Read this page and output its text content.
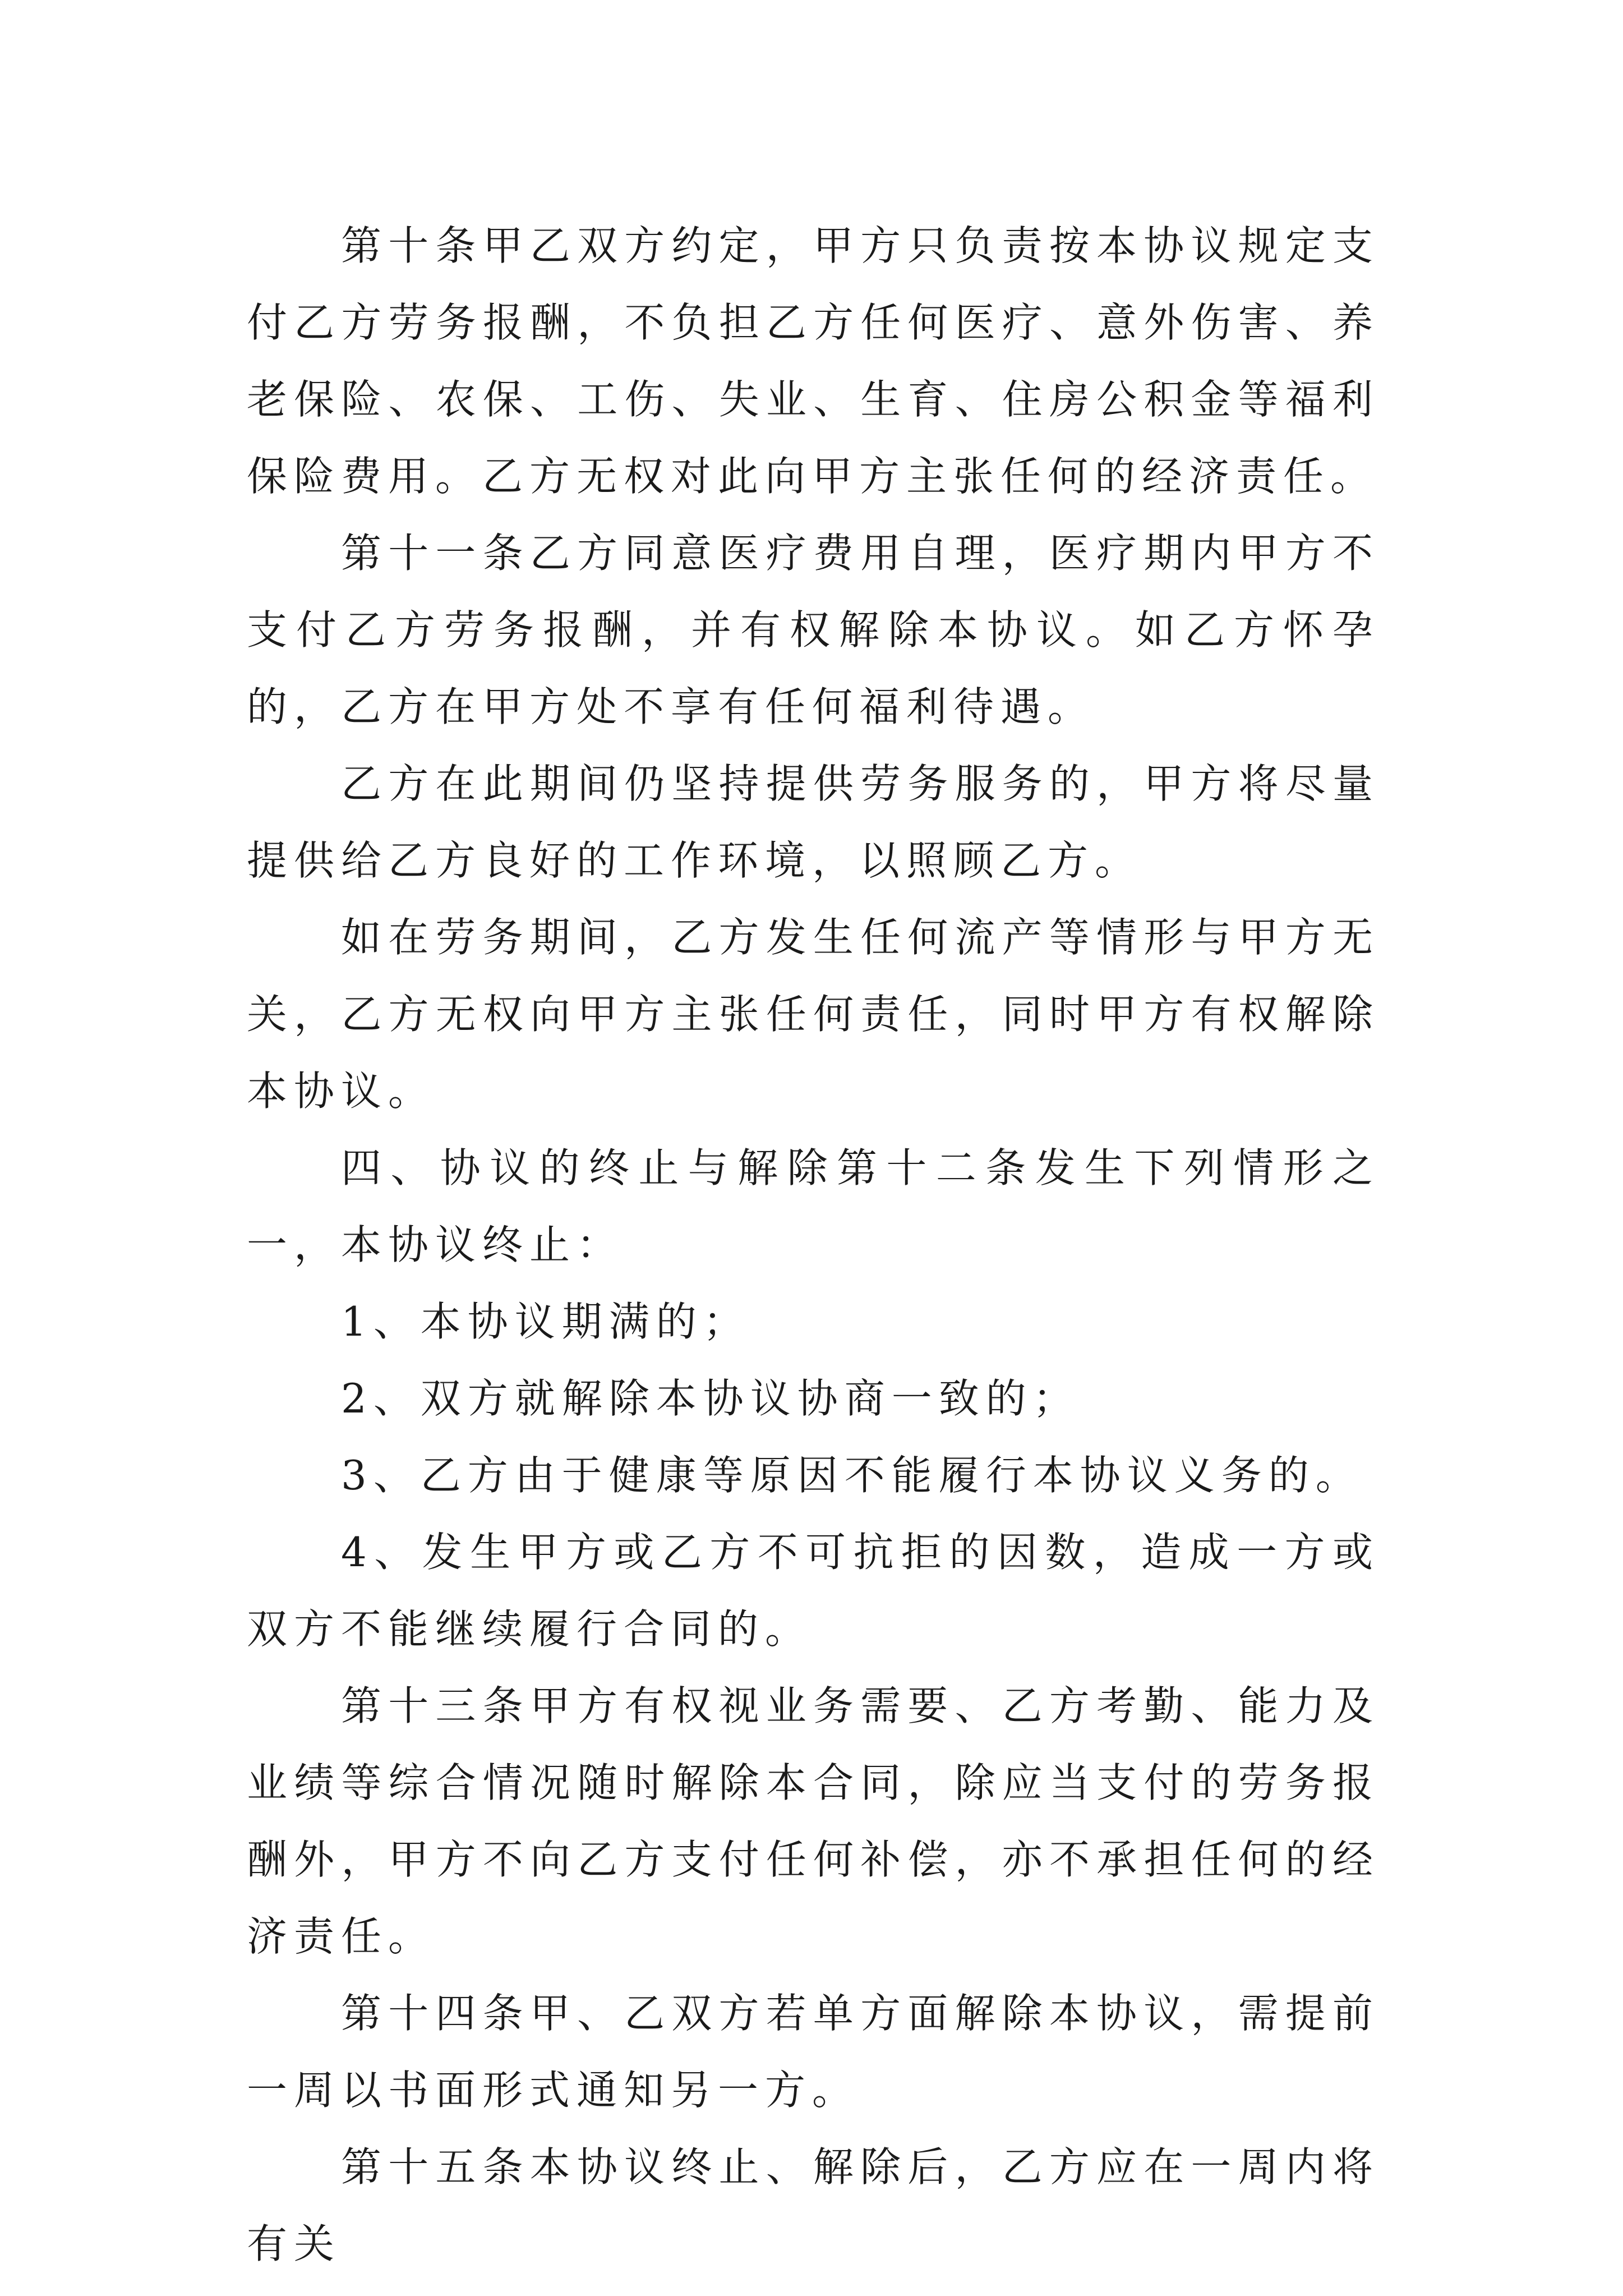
第十条甲乙双方约定，甲方只负责按本协议规定支付乙方劳务报酬，不负担乙方任何医疗、意外伤害、养老保险、农保、工伤、失业、生育、住房公积金等福利保险费用。乙方无权对此向甲方主张任何的经济责任。

第十一条乙方同意医疗费用自理，医疗期内甲方不支付乙方劳务报酬，并有权解除本协议。如乙方怀孕的，乙方在甲方处不享有任何福利待遇。

乙方在此期间仍坚持提供劳务服务的，甲方将尽量提供给乙方良好的工作环境，以照顾乙方。

如在劳务期间，乙方发生任何流产等情形与甲方无关，乙方无权向甲方主张任何责任，同时甲方有权解除本协议。

四、协议的终止与解除第十二条发生下列情形之一，本协议终止：

1、本协议期满的；

2、双方就解除本协议协商一致的；

3、乙方由于健康等原因不能履行本协议义务的。

4、发生甲方或乙方不可抗拒的因数，造成一方或双方不能继续履行合同的。

第十三条甲方有权视业务需要、乙方考勤、能力及业绩等综合情况随时解除本合同，除应当支付的劳务报酬外，甲方不向乙方支付任何补偿，亦不承担任何的经济责任。

第十四条甲、乙双方若单方面解除本协议，需提前一周以书面形式通知另一方。

第十五条本协议终止、解除后，乙方应在一周内将有关
